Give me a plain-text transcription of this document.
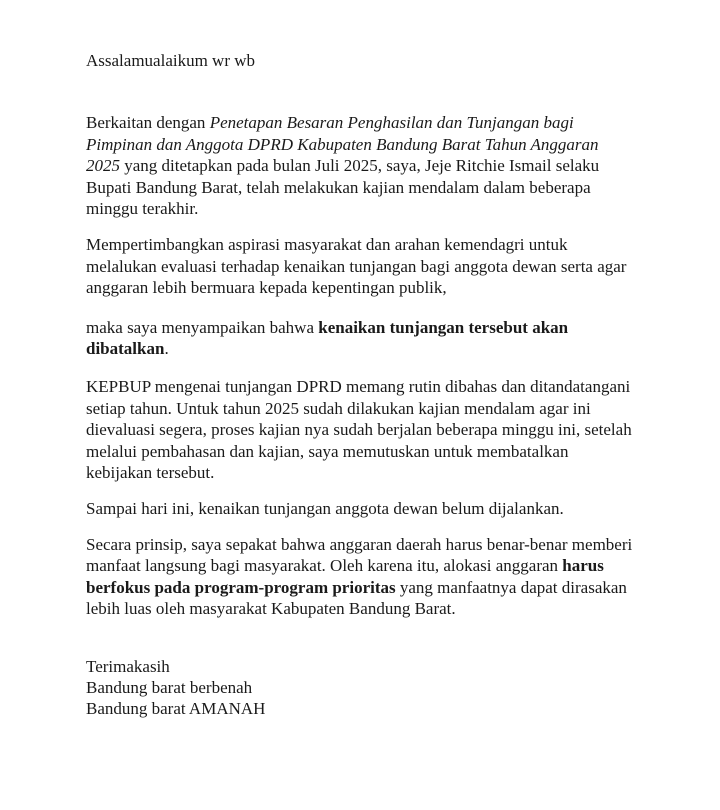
Assalamualaikum wr wb

Berkaitan dengan Penetapan Besaran Penghasilan dan Tunjangan bagi Pimpinan dan Anggota DPRD Kabupaten Bandung Barat Tahun Anggaran 2025 yang ditetapkan pada bulan Juli 2025, saya, Jeje Ritchie Ismail selaku Bupati Bandung Barat, telah melakukan kajian mendalam dalam beberapa minggu terakhir.

Mempertimbangkan aspirasi masyarakat dan arahan kemendagri untuk melalukan evaluasi terhadap kenaikan tunjangan bagi anggota dewan serta agar anggaran lebih bermuara kepada kepentingan publik,

maka saya menyampaikan bahwa kenaikan tunjangan tersebut akan dibatalkan.

KEPBUP mengenai tunjangan DPRD memang rutin dibahas dan ditandatangani setiap tahun. Untuk tahun 2025 sudah dilakukan kajian mendalam agar ini dievaluasi segera, proses kajian nya sudah berjalan beberapa minggu ini, setelah melalui pembahasan dan kajian, saya memutuskan untuk membatalkan kebijakan tersebut.

Sampai hari ini, kenaikan tunjangan anggota dewan belum dijalankan.

Secara prinsip, saya sepakat bahwa anggaran daerah harus benar-benar memberi manfaat langsung bagi masyarakat. Oleh karena itu, alokasi anggaran harus berfokus pada program-program prioritas yang manfaatnya dapat dirasakan lebih luas oleh masyarakat Kabupaten Bandung Barat.

Terimakasih

Bandung barat berbenah

Bandung barat AMANAH
